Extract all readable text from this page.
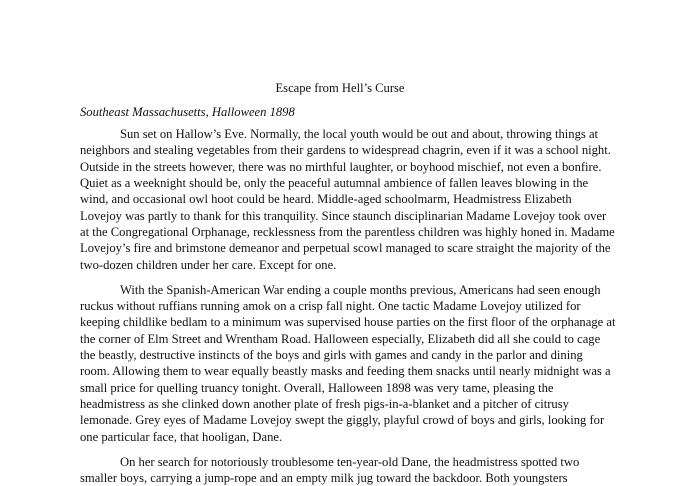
Escape from Hell’s Curse
Southeast Massachusetts, Halloween 1898
Sun set on Hallow’s Eve. Normally, the local youth would be out and about, throwing things at
neighbors and stealing vegetables from their gardens to widespread chagrin, even if it was a school night.
Outside in the streets however, there was no mirthful laughter, or boyhood mischief, not even a bonfire.
Quiet as a weeknight should be, only the peaceful autumnal ambience of fallen leaves blowing in the
wind, and occasional owl hoot could be heard. Middle-aged schoolmarm, Headmistress Elizabeth
Lovejoy was partly to thank for this tranquility. Since staunch disciplinarian Madame Lovejoy took over
at the Congregational Orphanage, recklessness from the parentless children was highly honed in. Madame
Lovejoy’s fire and brimstone demeanor and perpetual scowl managed to scare straight the majority of the
two-dozen children under her care. Except for one.
With the Spanish-American War ending a couple months previous, Americans had seen enough
ruckus without ruffians running amok on a crisp fall night. One tactic Madame Lovejoy utilized for
keeping childlike bedlam to a minimum was supervised house parties on the first floor of the orphanage at
the corner of Elm Street and Wrentham Road. Halloween especially, Elizabeth did all she could to cage
the beastly, destructive instincts of the boys and girls with games and candy in the parlor and dining
room. Allowing them to wear equally beastly masks and feeding them snacks until nearly midnight was a
small price for quelling truancy tonight. Overall, Halloween 1898 was very tame, pleasing the
headmistress as she clinked down another plate of fresh pigs-in-a-blanket and a pitcher of citrusy
lemonade. Grey eyes of Madame Lovejoy swept the giggly, playful crowd of boys and girls, looking for
one particular face, that hooligan, Dane.
On her search for notoriously troublesome ten-year-old Dane, the headmistress spotted two
smaller boys, carrying a jump-rope and an empty milk jug toward the backdoor. Both youngsters
